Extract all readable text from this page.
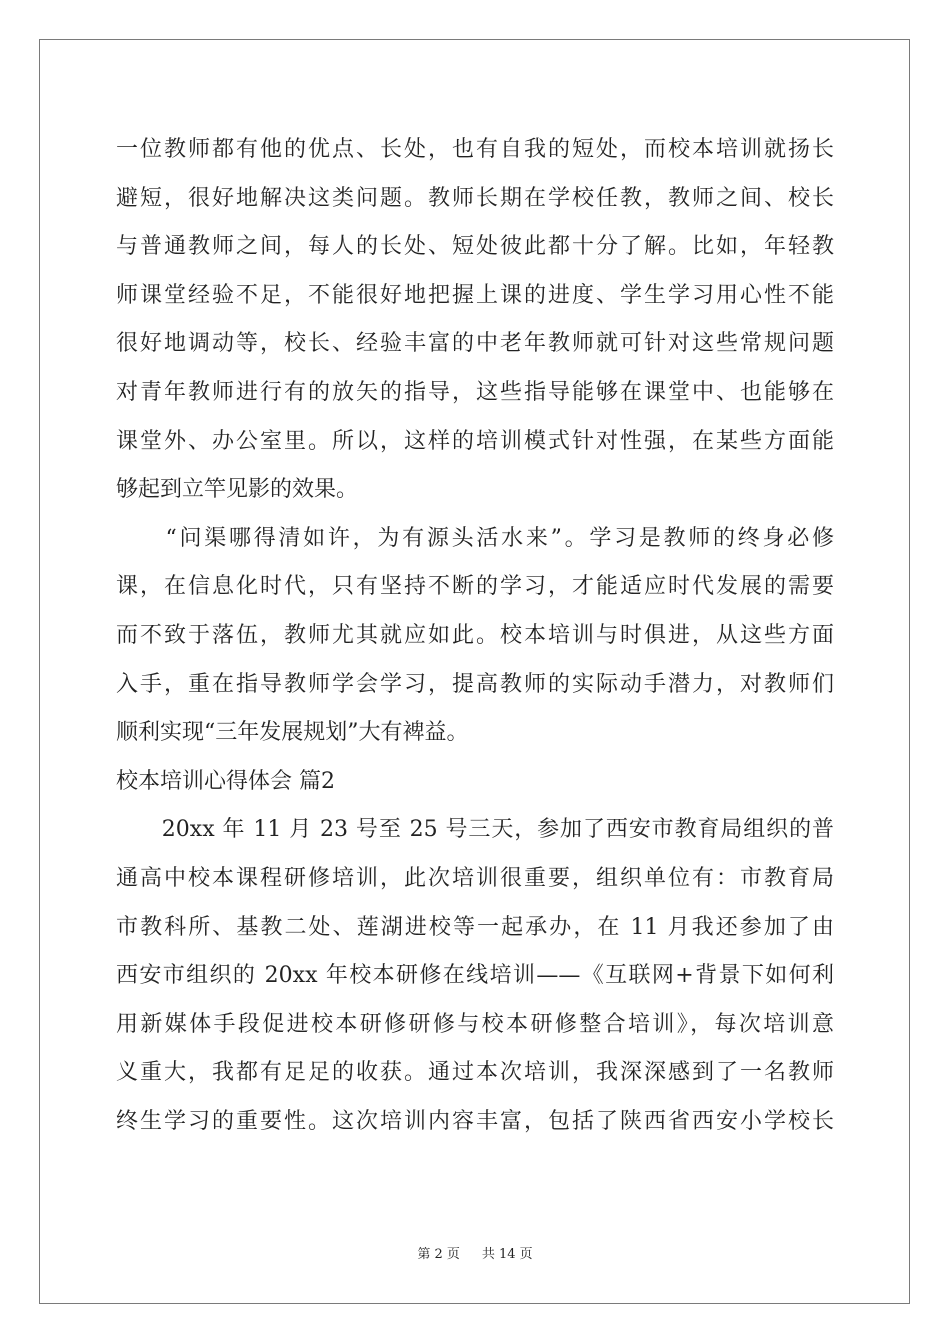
一位教师都有他的优点、长处，也有自我的短处，而校本培训就扬长
避短，很好地解决这类问题。教师长期在学校任教，教师之间、校长
与普通教师之间，每人的长处、短处彼此都十分了解。比如，年轻教
师课堂经验不足，不能很好地把握上课的进度、学生学习用心性不能
很好地调动等，校长、经验丰富的中老年教师就可针对这些常规问题
对青年教师进行有的放矢的指导，这些指导能够在课堂中、也能够在
课堂外、办公室里。所以，这样的培训模式针对性强，在某些方面能
够起到立竿见影的效果。
　　“问渠哪得清如许，为有源头活水来”。学习是教师的终身必修
课，在信息化时代，只有坚持不断的学习，才能适应时代发展的需要
而不致于落伍，教师尤其就应如此。校本培训与时俱进，从这些方面
入手，重在指导教师学会学习，提高教师的实际动手潜力，对教师们
顺利实现“三年发展规划”大有裨益。
校本培训心得体会 篇2
　　20xx 年 11 月 23 号至 25 号三天，参加了西安市教育局组织的普
通高中校本课程研修培训，此次培训很重要，组织单位有：市教育局
市教科所、基教二处、莲湖进校等一起承办，在 11 月我还参加了由
西安市组织的 20xx 年校本研修在线培训——《互联网+背景下如何利
用新媒体手段促进校本研修研修与校本研修整合培训》，每次培训意
义重大，我都有足足的收获。通过本次培训，我深深感到了一名教师
终生学习的重要性。这次培训内容丰富，包括了陕西省西安小学校长
第 2 页 共 14 页
